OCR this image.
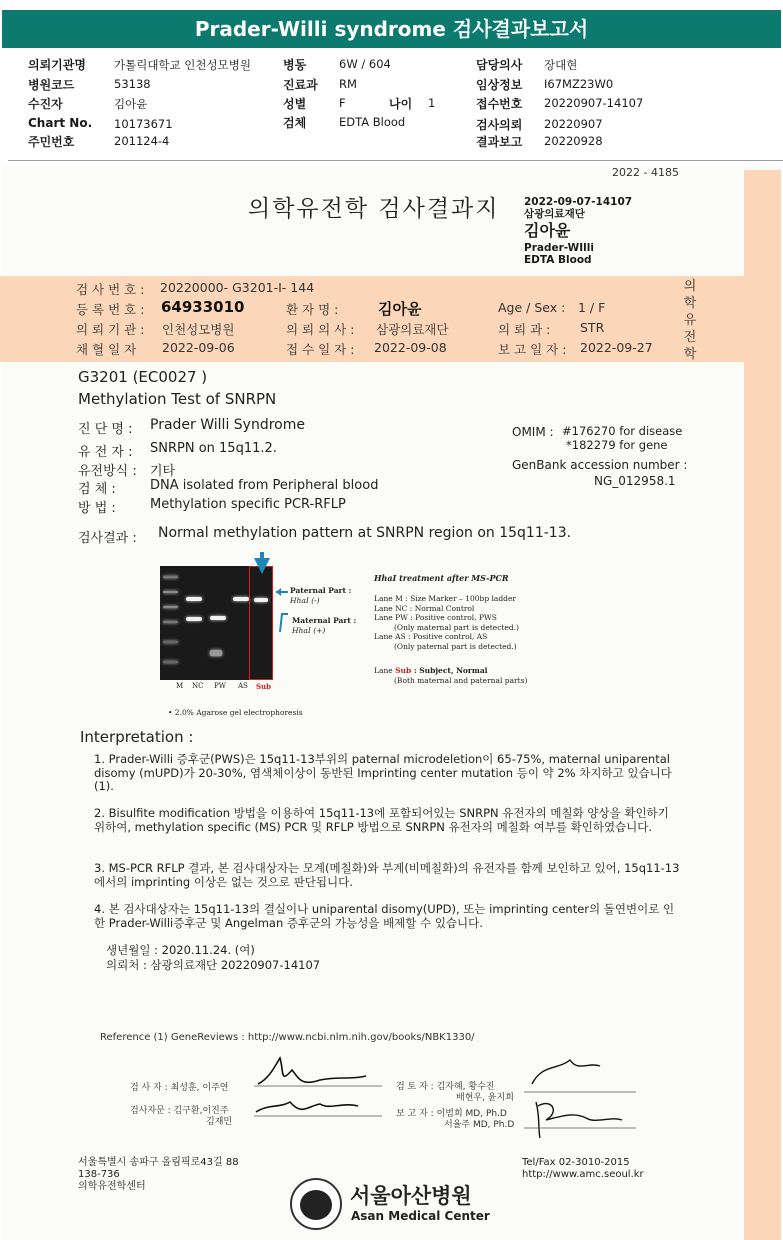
Prader-Willi syndrome 검사결과보고서
의뢰기관명 가톨릭대학교 인천성모병원
병원코드	53138
수진자	김아윤
Chart No. 10173671
주민번호	201124-4
병동	6W / 604
진료과 RM
성별	F	나이 1
검체	EDTA Blood
담당의사 장대현
임상정보 I67MZ23W0
접수번호 20220907-14107
검사의뢰 20220907
결과보고 20220928
2022 - 4185
의학유전학 검사결과지 2022-09-07-14107
삼광의료재단
김아윤
Prader-WIlli
EDTA Blood
검 사 번 호 : 20220000- G3201-I- 144
등 록 번 호 : 64933010	환 자 명 :	김아윤	Age / Sex : 1 / F
의 뢰 기 관 : 인천성모병원	의 뢰 의 사 : 삼광의료재단	의 뢰 과 : STR
채 혈 일 자 2022-09-06	접 수 일 자 : 2022-09-08	보 고 일 자 : 2022-09-27
의
학
유
전
학
G3201 (EC0027 )
Methylation Test of SNRPN
진 단 명 : Prader Willi Syndrome
유 전 자 : SNRPN on 15q11.2.
유전방식 : 기타
검 체 :	DNA isolated from Peripheral blood
방 법 :	Methylation specific PCR-RFLP
OMIM : #176270 for disease
*182279 for gene
GenBank accession number :
NG_012958.1
검사결과 : Normal methylation pattern at SNRPN region on 15q11-13.
M NC PW AS Sub
Paternal Part :
HhaI (-)
Maternal Part :
HhaI (+)
• 2.0% Agarose gel electrophoresis
HhaI treatment after MS-PCR
Lane M : Size Marker – 100bp ladder
Lane NC : Normal Control
Lane PW : Positive control, PWS
(Only maternal part is detected.)
Lane AS : Positive control, AS
(Only paternal part is detected.)
Lane Sub : Subject, Normal
(Both maternal and paternal parts)
Interpretation :
1. Prader-Willi 증후군(PWS)은 15q11-13부위의 paternal microdeletion이 65-75%, maternal uniparental disomy (mUPD)가 20-30%, 염색체이상이 동반된 Imprinting center mutation 등이 약 2% 차지하고 있습니다 (1).
2. Bisulfite modification 방법을 이용하여 15q11-13에 포함되어있는 SNRPN 유전자의 메칠화 양상을 확인하기 위하여, methylation specific (MS) PCR 및 RFLP 방법으로 SNRPN 유전자의 메칠화 여부를 확인하였습니다.
3. MS-PCR RFLP 결과, 본 검사대상자는 모계(메칠화)와 부계(비메칠화)의 유전자를 함께 보인하고 있어, 15q11-13에서의 imprinting 이상은 없는 것으로 판단됩니다.
4. 본 검사대상자는 15q11-13의 결실이나 uniparental disomy(UPD), 또는 imprinting center의 돌연변이로 인한 Prader-Willi증후군 및 Angelman 증후군의 가능성을 배제할 수 있습니다.
생년월일 : 2020.11.24. (여)
의뢰처 : 삼광의료재단 20220907-14107
Reference (1) GeneReviews : http://www.ncbi.nlm.nih.gov/books/NBK1330/
검 사 자 : 최성훈, 이주연
검사자문 : 김구환,이진주
김재민
검 토 자 : 김자혜, 황수진
배현우, 윤지희
보 고 자 : 이범희 MD, Ph.D
서율주 MD, Ph.D
서울특별시 송파구 올림픽로43길 88
138-736
의학유전학센터
Tel/Fax 02-3010-2015
http://www.amc.seoul.kr
서울아산병원
Asan Medical Center
